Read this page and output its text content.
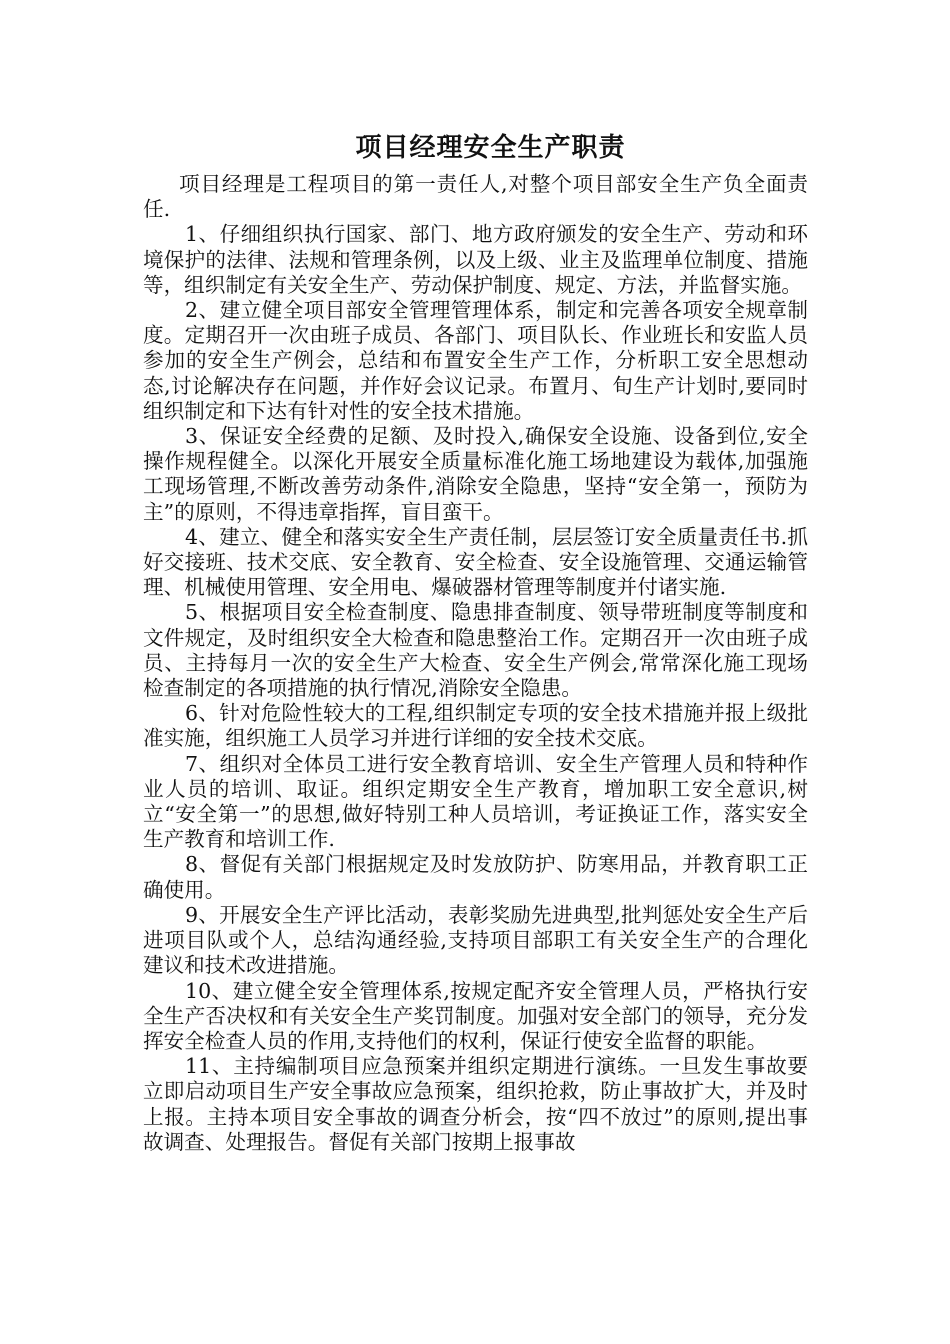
项目经理安全生产职责

项目经理是工程项目的第一责任人,对整个项目部安全生产负全面责任.

1、仔细组织执行国家、部门、地方政府颁发的安全生产、劳动和环境保护的法律、法规和管理条例，以及上级、业主及监理单位制度、措施等，组织制定有关安全生产、劳动保护制度、规定、方法，并监督实施。

2、建立健全项目部安全管理管理体系，制定和完善各项安全规章制度。定期召开一次由班子成员、各部门、项目队长、作业班长和安监人员参加的安全生产例会，总结和布置安全生产工作，分析职工安全思想动态,讨论解决存在问题，并作好会议记录。布置月、旬生产计划时,要同时组织制定和下达有针对性的安全技术措施。

3、保证安全经费的足额、及时投入,确保安全设施、设备到位,安全操作规程健全。以深化开展安全质量标准化施工场地建设为载体,加强施工现场管理,不断改善劳动条件,消除安全隐患，坚持“安全第一，预防为主”的原则，不得违章指挥，盲目蛮干。

4、建立、健全和落实安全生产责任制，层层签订安全质量责任书.抓好交接班、技术交底、安全教育、安全检查、安全设施管理、交通运输管理、机械使用管理、安全用电、爆破器材管理等制度并付诸实施.

5、根据项目安全检查制度、隐患排查制度、领导带班制度等制度和文件规定，及时组织安全大检查和隐患整治工作。定期召开一次由班子成员、主持每月一次的安全生产大检查、安全生产例会,常常深化施工现场检查制定的各项措施的执行情况,消除安全隐患。

6、针对危险性较大的工程,组织制定专项的安全技术措施并报上级批准实施，组织施工人员学习并进行详细的安全技术交底。

7、组织对全体员工进行安全教育培训、安全生产管理人员和特种作业人员的培训、取证。组织定期安全生产教育，增加职工安全意识,树立“安全第一”的思想,做好特别工种人员培训，考证换证工作，落实安全生产教育和培训工作.

8、督促有关部门根据规定及时发放防护、防寒用品，并教育职工正确使用。

9、开展安全生产评比活动，表彰奖励先进典型,批判惩处安全生产后进项目队或个人，总结沟通经验,支持项目部职工有关安全生产的合理化建议和技术改进措施。

10、建立健全安全管理体系,按规定配齐安全管理人员，严格执行安全生产否决权和有关安全生产奖罚制度。加强对安全部门的领导，充分发挥安全检查人员的作用,支持他们的权利，保证行使安全监督的职能。

11、主持编制项目应急预案并组织定期进行演练。一旦发生事故要立即启动项目生产安全事故应急预案，组织抢救，防止事故扩大，并及时上报。主持本项目安全事故的调查分析会，按“四不放过”的原则,提出事故调查、处理报告。督促有关部门按期上报事故
